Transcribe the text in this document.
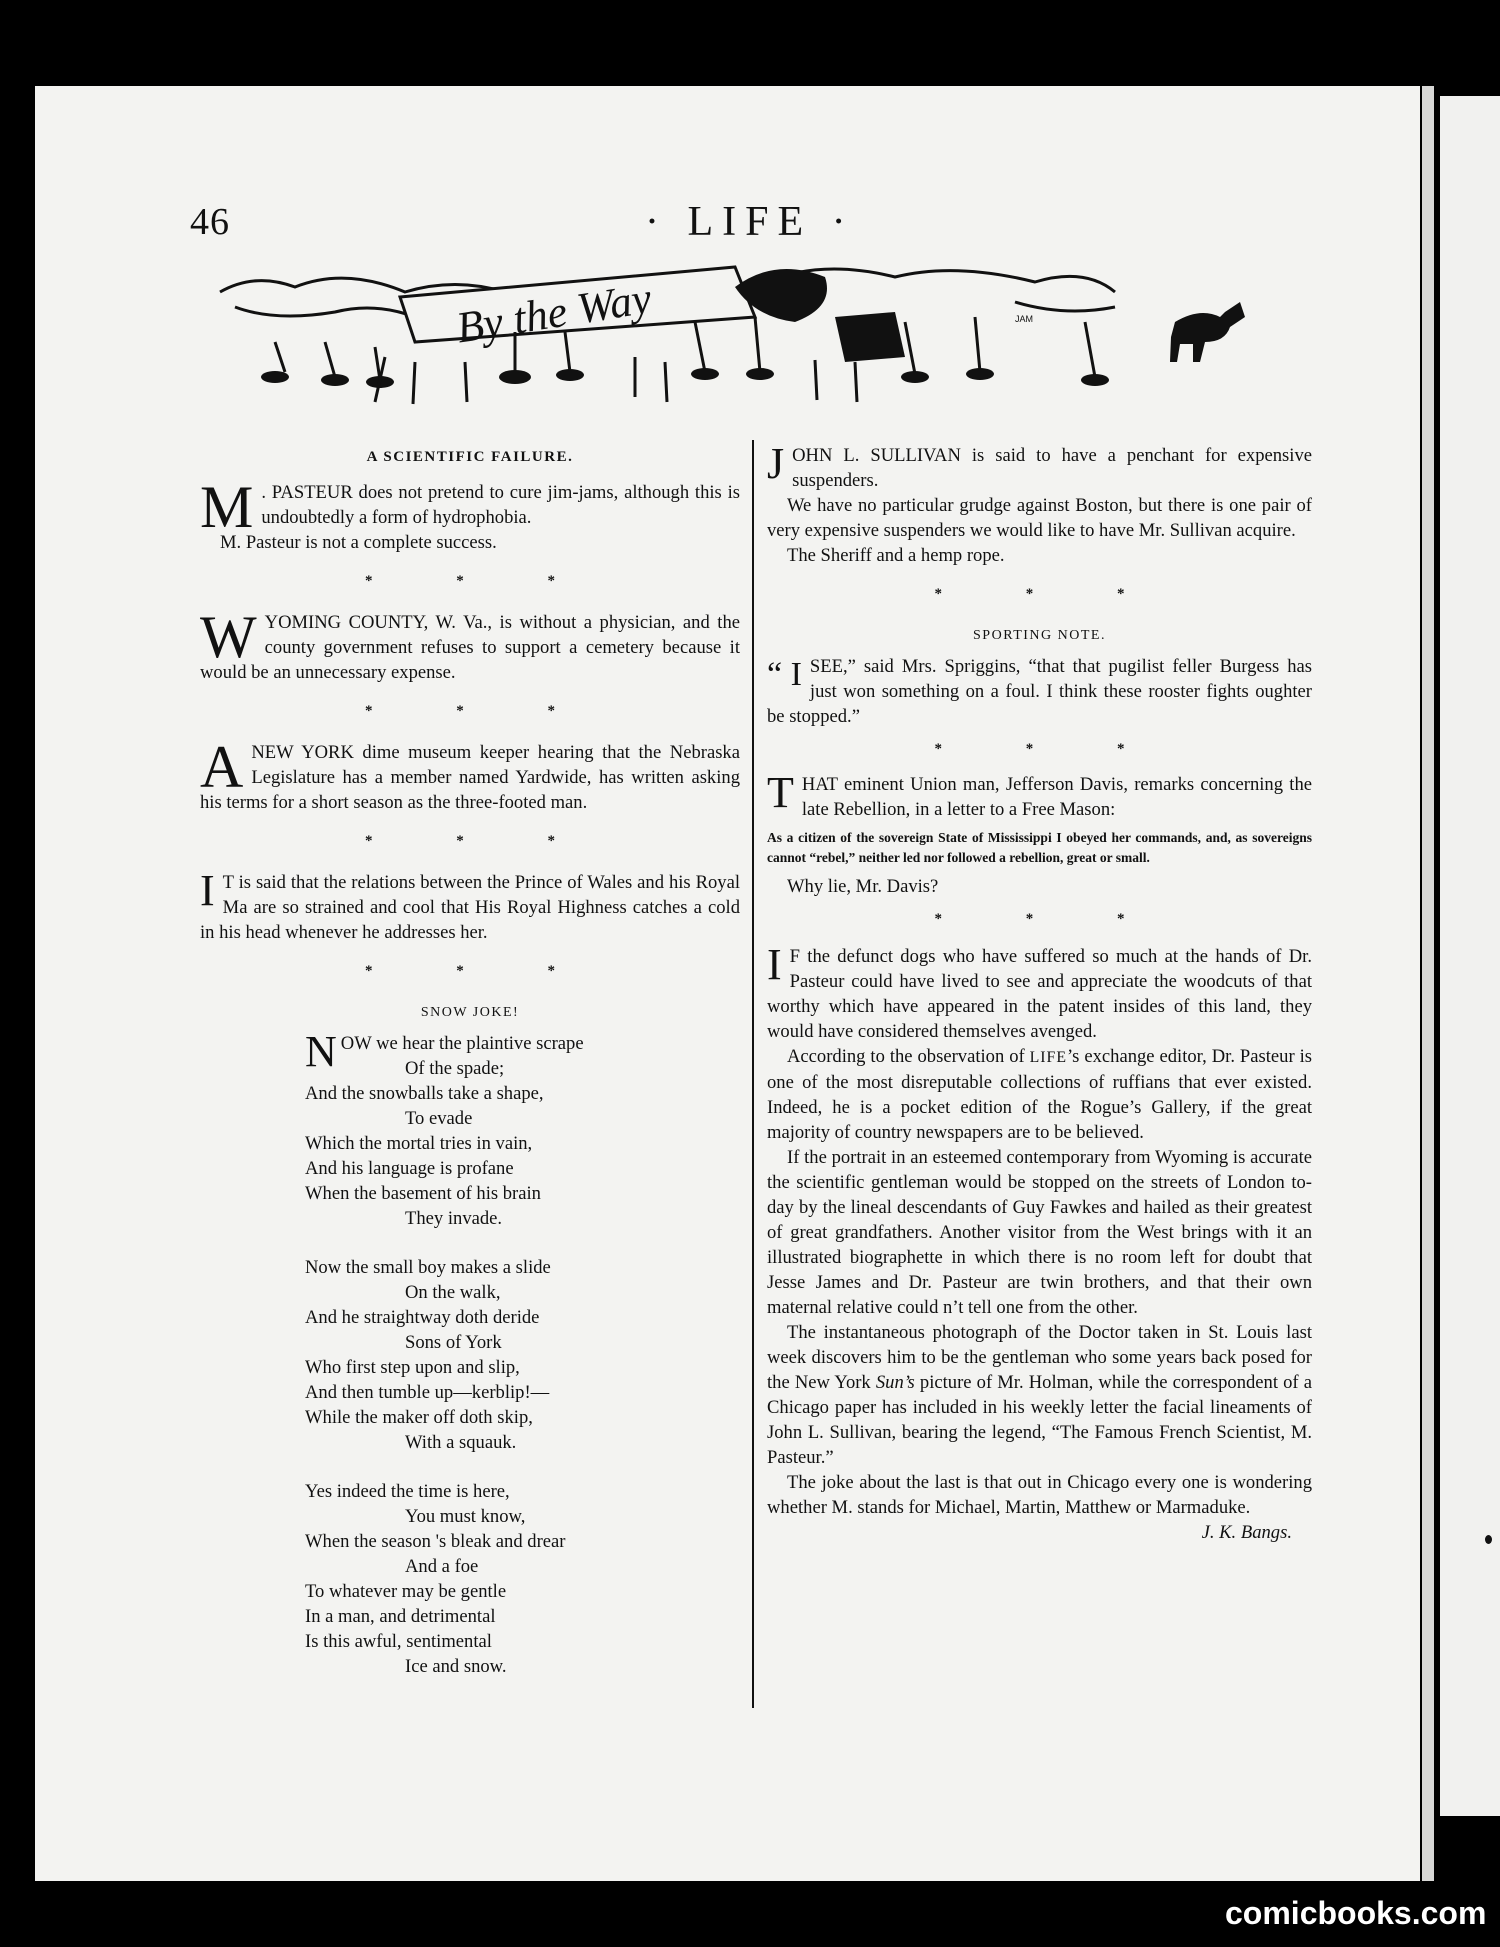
46	· LIFE ·
By the Way	JAM
A SCIENTIFIC FAILURE.
M . PASTEUR does not pretend to cure jim-jams, although this is undoubtedly a form of hydrophobia.

M. Pasteur is not a complete success.

* * *
W YOMING COUNTY, W. Va., is without a physician, and the county government refuses to support a cemetery because it would be an unnecessary expense.

* * *
A NEW YORK dime museum keeper hearing that the Nebraska Legislature has a member named Yardwide, has written asking his terms for a short season as the three-footed man.

* * *
I T is said that the relations between the Prince of Wales and his Royal Ma are so strained and cool that His Royal Highness catches a cold in his head whenever he addresses her.

* * *
SNOW JOKE!
N OW we hear the plaintive scrape
Of the spade;
And the snowballs take a shape,
To evade
Which the mortal tries in vain,
And his language is profane
When the basement of his brain
They invade.
Now the small boy makes a slide
On the walk,
And he straightway doth deride
Sons of York
Who first step upon and slip,
And then tumble up—kerblip!—
While the maker off doth skip,
With a squauk.
Yes indeed the time is here,
You must know,
When the season 's bleak and drear
And a foe
To whatever may be gentle
In a man, and detrimental
Is this awful, sentimental
Ice and snow.
J OHN L. SULLIVAN is said to have a penchant for expensive suspenders.

We have no particular grudge against Boston, but there is one pair of very expensive suspenders we would like to have Mr. Sullivan acquire.

The Sheriff and a hemp rope.

* * *
SPORTING NOTE.
“ I SEE,” said Mrs. Spriggins, “that that pugilist feller Burgess has just won something on a foul. I think these rooster fights oughter be stopped.”

* * *
T HAT eminent Union man, Jefferson Davis, remarks concerning the late Rebellion, in a letter to a Free Mason:

As a citizen of the sovereign State of Mississippi I obeyed her commands, and, as sovereigns cannot “rebel,” neither led nor followed a rebellion, great or small.

Why lie, Mr. Davis?

* * *
I F the defunct dogs who have suffered so much at the hands of Dr. Pasteur could have lived to see and appreciate the woodcuts of that worthy which have appeared in the patent insides of this land, they would have considered themselves avenged.

According to the observation of LIFE’s exchange editor, Dr. Pasteur is one of the most disreputable collections of ruffians that ever existed. Indeed, he is a pocket edition of the Rogue’s Gallery, if the great majority of country newspapers are to be believed.

If the portrait in an esteemed contemporary from Wyoming is accurate the scientific gentleman would be stopped on the streets of London to-day by the lineal descendants of Guy Fawkes and hailed as their greatest of great grandfathers. Another visitor from the West brings with it an illustrated biographette in which there is no room left for doubt that Jesse James and Dr. Pasteur are twin brothers, and that their own maternal relative could n’t tell one from the other.

The instantaneous photograph of the Doctor taken in St. Louis last week discovers him to be the gentleman who some years back posed for the New York Sun’s picture of Mr. Holman, while the correspondent of a Chicago paper has included in his weekly letter the facial lineaments of John L. Sullivan, bearing the legend, “The Famous French Scientist, M. Pasteur.”

The joke about the last is that out in Chicago every one is wondering whether M. stands for Michael, Martin, Matthew or Marmaduke.
J. K. Bangs.

comicbooks.com
